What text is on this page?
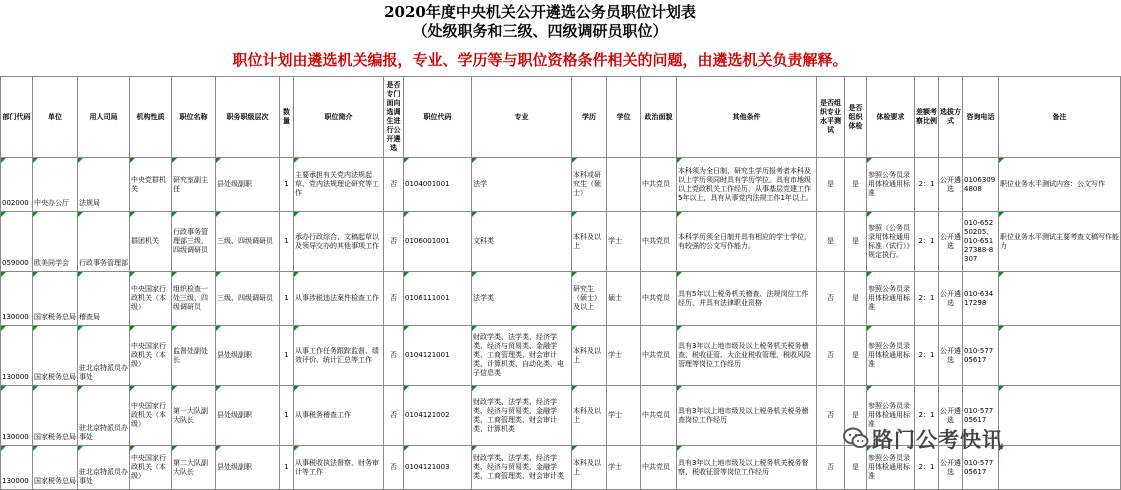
2020年度中央机关公开遴选公务员职位计划表
（处级职务和三级、四级调研员职位）
职位计划由遴选机关编报，专业、学历等与职位资格条件相关的问题，由遴选机关负责解释。
部门代码	单位	用人司局	机构性质	职位名称	职务职级层次	数量	职位简介	是否专门面向选调生进行公开遴选	职位代码	专业	学历	学位	政治面貌	其他条件	是否组织专业水平测试	是否组织体检	体检要求	差额考察比例	选拔方式	咨询电话	备注
002000	中央办公厅	法规局	中央党群机关	研究室副主任	县处级副职	1	主要承担有关党内法规起草、党内法规理论研究等工作	否	0104001001	法学	本科或研究生（硕士）		中共党员	本科须为全日制，研究生学历报考者本科及以上学历须同时具有学历学位。具有市地级以上党政机关工作经历，从事基层党建工作5年以上，具有从事党内法规工作1年以上。	是	是	参照公务员录用体检通用标准	2：1	公开遴选	01063094808	职位业务水平测试内容：公文写作
059000	欧美同学会	行政事务管理部	群团机关	行政事务管理部三级、四级调研员	三级、四级调研员	1	承办行政综合、文稿起草以及领导交办的其他事项工作	否	0106001001	文科类	本科及以上	学士	中共党员	本科学历须全日制并具有相应的学士学位，有较强的公文写作能力。	是	是	参照《公务员录用体检通用标准（试行）》规定执行。	2：1	公开遴选	010-65250205、010-65127388-8307	职位业务水平测试主要考查文稿写作能力
130000	国家税务总局	稽查局	中央国家行政机关（本级）	组织检查一处三级、四级调研员	三级、四级调研员	1	从事涉税违法案件检查工作	否	0106111001	法学类	研究生（硕士）及以上	硕士	中共党员	具有5年以上税务机关稽查、法规岗位工作经历，并具有法律职业资格	否	是	参照公务员录用体检通用标准	2：1	公开遴选	010-63417298	
130000	国家税务总局	驻北京特派员办事处	中央国家行政机关（本级）	监督处副处长	县处级副职	1	从事工作任务跟踪监督、绩效评价、统计汇总等工作	否	0104121001	财政学类、法学类、经济学类、经济与贸易类、金融学类、工商管理类、财会审计类、计算机类、自动化类、电子信息类	本科及以上	学士	中共党员	具有3年以上地市级及以上税务机关税务稽查、税收征管、大企业税收管理、税收风险管理等岗位工作经历	否	是	参照公务员录用体检通用标准	2：1	公开遴选	010-57705617	
130000	国家税务总局	驻北京特派员办事处	中央国家行政机关（本级）	第一大队副大队长	县处级副职	1	从事税务稽查工作	否	0104121002	财政学类、法学类、经济学类、经济与贸易类、金融学类、工商管理类、财会审计类、计算机类	本科及以上	学士	中共党员	具有3年以上地市级及以上税务机关税务稽查岗位工作经历	否	是	参照公务员录用体检通用标准	2：1	公开遴选	010-57705617	
130000	国家税务总局	驻北京特派员办事处	中央国家行政机关（本级）	第二大队副大队长	县处级副职	1	从事税收执法督察、财务审计等工作	否	0104121003	财政学类、法学类、经济学类、经济与贸易类、金融学类、工商管理类、财会审计类	本科及以上	学士	中共党员	具有3年以上地市级及以上税务机关税务督察、税收征管等岗位工作经历	否	是	参照公务员录用体检通用标准	2：1	公开遴选	010-57705617	
路门公考快讯
